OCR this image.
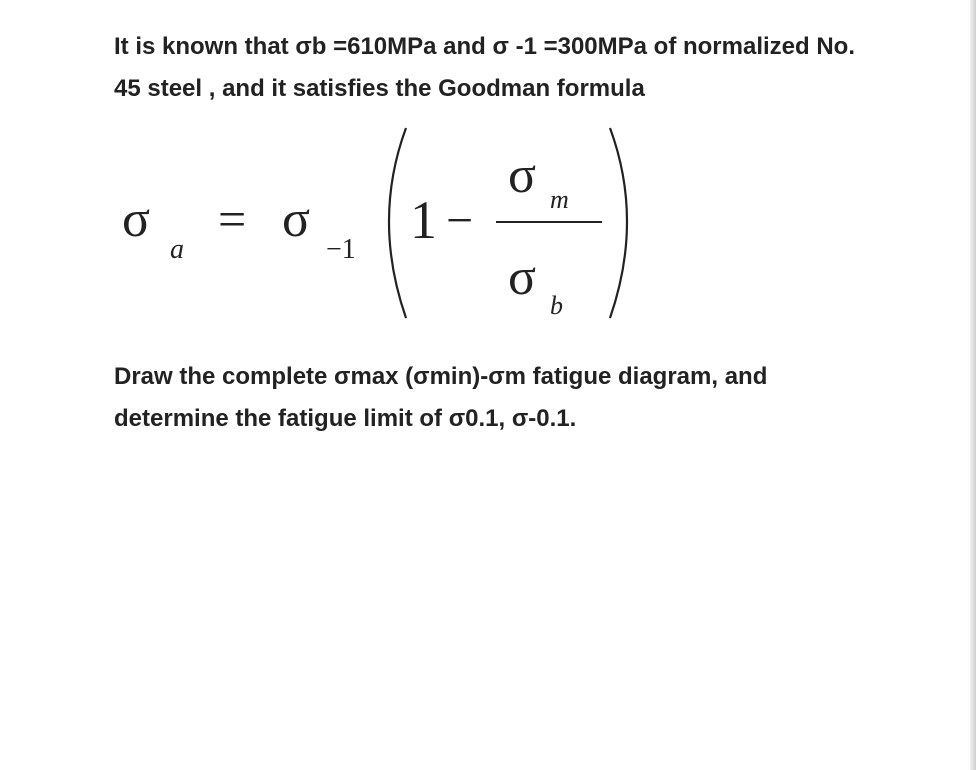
It is known that σb =610MPa and σ -1 =300MPa of normalized No.
45 steel , and it satisfies the Goodman formula

σ
a
= σ
−1 1 −
σ m
σ b

Draw the complete σmax (σmin)-σm fatigue diagram, and
determine the fatigue limit of σ0.1, σ-0.1.
